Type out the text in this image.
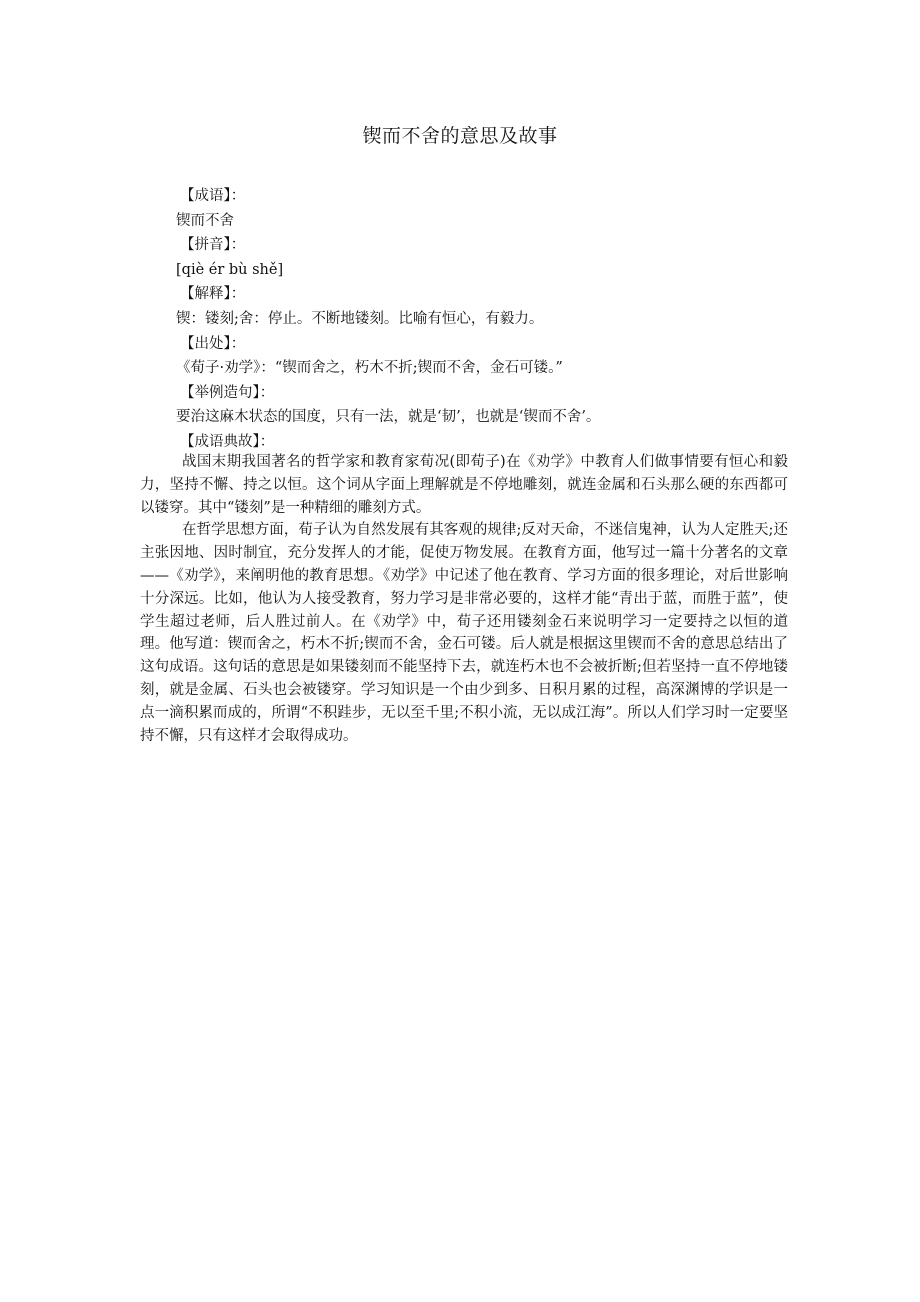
锲而不舍的意思及故事
【成语】：
锲而不舍
【拼音】：
[qiè ér bù shě]
【解释】：
锲：镂刻;舍：停止。不断地镂刻。比喻有恒心，有毅力。
【出处】：
《荀子·劝学》：“锲而舍之，朽木不折;锲而不舍，金石可镂。”
【举例造句】：
要治这麻木状态的国度，只有一法，就是‘韧’，也就是‘锲而不舍’。
【成语典故】：

战国末期我国著名的哲学家和教育家荀况(即荀子)在《劝学》中教育人们做事情要有恒心和毅力，坚持不懈、持之以恒。这个词从字面上理解就是不停地雕刻，就连金属和石头那么硬的东西都可以镂穿。其中“镂刻”是一种精细的雕刻方式。

在哲学思想方面，荀子认为自然发展有其客观的规律;反对天命，不迷信鬼神，认为人定胜天;还主张因地、因时制宜，充分发挥人的才能，促使万物发展。在教育方面，他写过一篇十分著名的文章——《劝学》，来阐明他的教育思想。《劝学》中记述了他在教育、学习方面的很多理论，对后世影响十分深远。比如，他认为人接受教育，努力学习是非常必要的，这样才能“青出于蓝，而胜于蓝”，使学生超过老师，后人胜过前人。在《劝学》中，荀子还用镂刻金石来说明学习一定要持之以恒的道理。他写道：锲而舍之，朽木不折;锲而不舍，金石可镂。后人就是根据这里锲而不舍的意思总结出了这句成语。这句话的意思是如果镂刻而不能坚持下去，就连朽木也不会被折断;但若坚持一直不停地镂刻，就是金属、石头也会被镂穿。学习知识是一个由少到多、日积月累的过程，高深渊博的学识是一点一滴积累而成的，所谓“不积跬步，无以至千里;不积小流，无以成江海”。所以人们学习时一定要坚持不懈，只有这样才会取得成功。
